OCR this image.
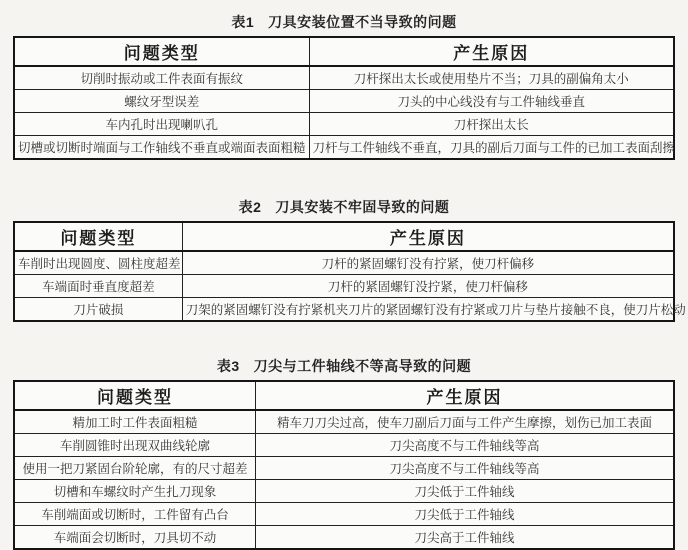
表1 刀具安装位置不当导致的问题
问题类型	产生原因
切削时振动或工件表面有振纹	刀杆探出太长或使用垫片不当；刀具的副偏角太小
螺纹牙型误差	刀头的中心线没有与工件轴线垂直
车内孔时出现喇叭孔	刀杆探出太长
切槽或切断时端面与工作轴线不垂直或端面表面粗糙	刀杆与工件轴线不垂直，刀具的副后刀面与工件的已加工表面刮擦
表2 刀具安装不牢固导致的问题
问题类型	产生原因
车削时出现圆度、圆柱度超差	刀杆的紧固螺钉没有拧紧，使刀杆偏移
车端面时垂直度超差	刀杆的紧固螺钉没拧紧，使刀杆偏移
刀片破损	刀架的紧固螺钉没有拧紧机夹刀片的紧固螺钉没有拧紧或刀片与垫片接触不良，使刀片松动
表3 刀尖与工件轴线不等高导致的问题
问题类型	产生原因
精加工时工件表面粗糙	精车刀刀尖过高，使车刀副后刀面与工件产生摩擦，划伤已加工表面
车削圆锥时出现双曲线轮廓	刀尖高度不与工件轴线等高
使用一把刀紧固台阶轮廓，有的尺寸超差	刀尖高度不与工件轴线等高
切槽和车螺纹时产生扎刀现象	刀尖低于工件轴线
车削端面或切断时，工件留有凸台	刀尖低于工件轴线
车端面会切断时，刀具切不动	刀尖高于工件轴线
